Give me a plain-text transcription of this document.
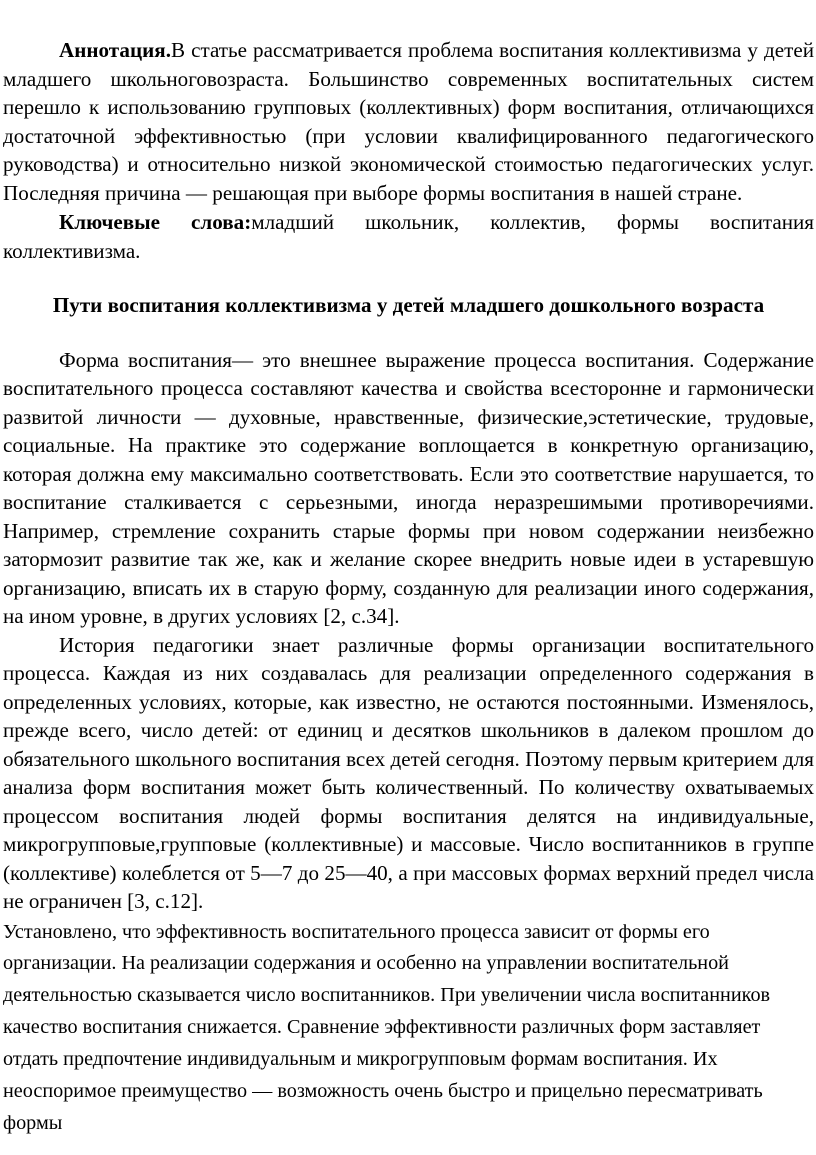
Аннотация.В статье рассматривается проблема воспитания коллективизма у детей младшего школьноговозраста. Большинство современных воспитательных систем перешло к использованию групповых (коллективных) форм воспитания, отличающихся достаточной эффективностью (при условии квалифицированного педагогического руководства) и относительно низкой экономической стоимостью педагогических услуг. Последняя причина — решающая при выборе формы воспитания в нашей стране.
Ключевые слова:младший школьник, коллектив, формы воспитания коллективизма.
Пути воспитания коллективизма у детей младшего дошкольного возраста
Форма воспитания— это внешнее выражение процесса воспитания. Содержание воспитательного процесса составляют качества и свойства всесторонне и гармонически развитой личности — духовные, нравственные, физические,эстетические, трудовые, социальные. На практике это содержание воплощается в конкретную организацию, которая должна ему максимально соответствовать. Если это соответствие нарушается, то воспитание сталкивается с серьезными, иногда неразрешимыми противоречиями. Например, стремление сохранить старые формы при новом содержании неизбежно затормозит развитие так же, как и желание скорее внедрить новые идеи в устаревшую организацию, вписать их в старую форму, созданную для реализации иного содержания, на ином уровне, в других условиях [2, с.34].
История педагогики знает различные формы организации воспитательного процесса. Каждая из них создавалась для реализации определенного содержания в определенных условиях, которые, как известно, не остаются постоянными. Изменялось, прежде всего, число детей: от единиц и десятков школьников в далеком прошлом до обязательного школьного воспитания всех детей сегодня. Поэтому первым критерием для анализа форм воспитания может быть количественный. По количеству охватываемых процессом воспитания людей формы воспитания делятся на индивидуальные, микрогрупповые,групповые (коллективные) и массовые. Число воспитанников в группе (коллективе) колеблется от 5—7 до 25—40, а при массовых формах верхний предел числа не ограничен [3, с.12].
Установлено, что эффективность воспитательного процесса зависит от формы его организации. На реализации содержания и особенно на управлении воспитательной деятельностью сказывается число воспитанников. При увеличении числа воспитанников качество воспитания снижается. Сравнение эффективности различных форм заставляет отдать предпочтение индивидуальным и микрогрупповым формам воспитания. Их неоспоримое преимущество — возможность очень быстро и прицельно пересматривать формы
